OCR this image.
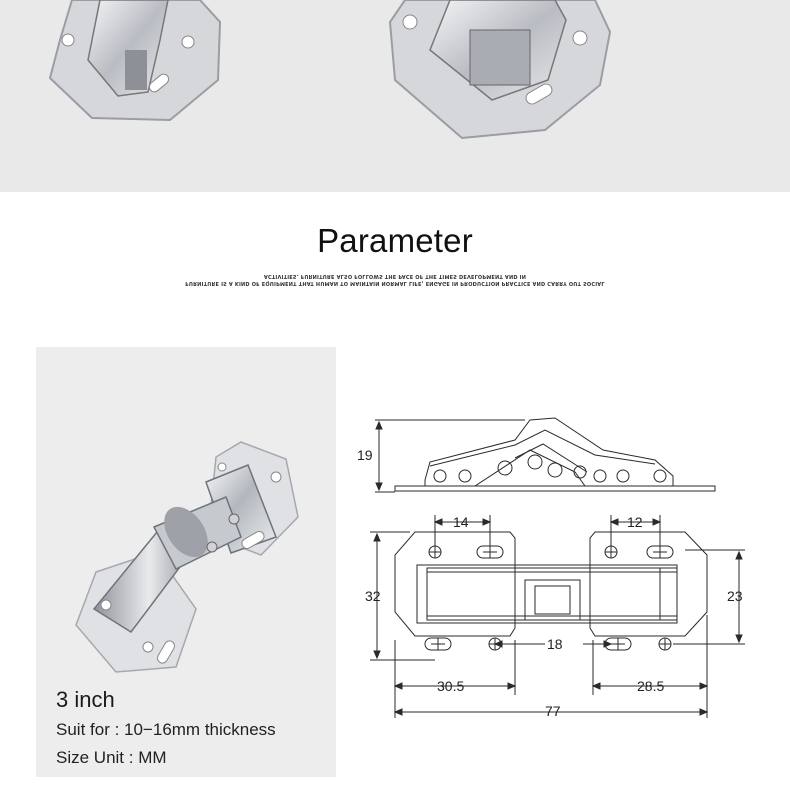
Parameter
FURNITURE IS A KIND OF EQUIPMENT THAT HUMAN TO MAINTAIN NORMAL LIFE, ENGAGE IN PRODUCTION PRACTICE AND CARRY OUT SOCIAL
ACTIVITIES. FURNITURE ALSO FOLLOWS THE PACE OF THE TIMES DEVELOPMENT AND IN
3 inch
Suit for : 10−16mm thickness
Size Unit : MM
19
14	12
32	23
18
30.5	28.5
77
